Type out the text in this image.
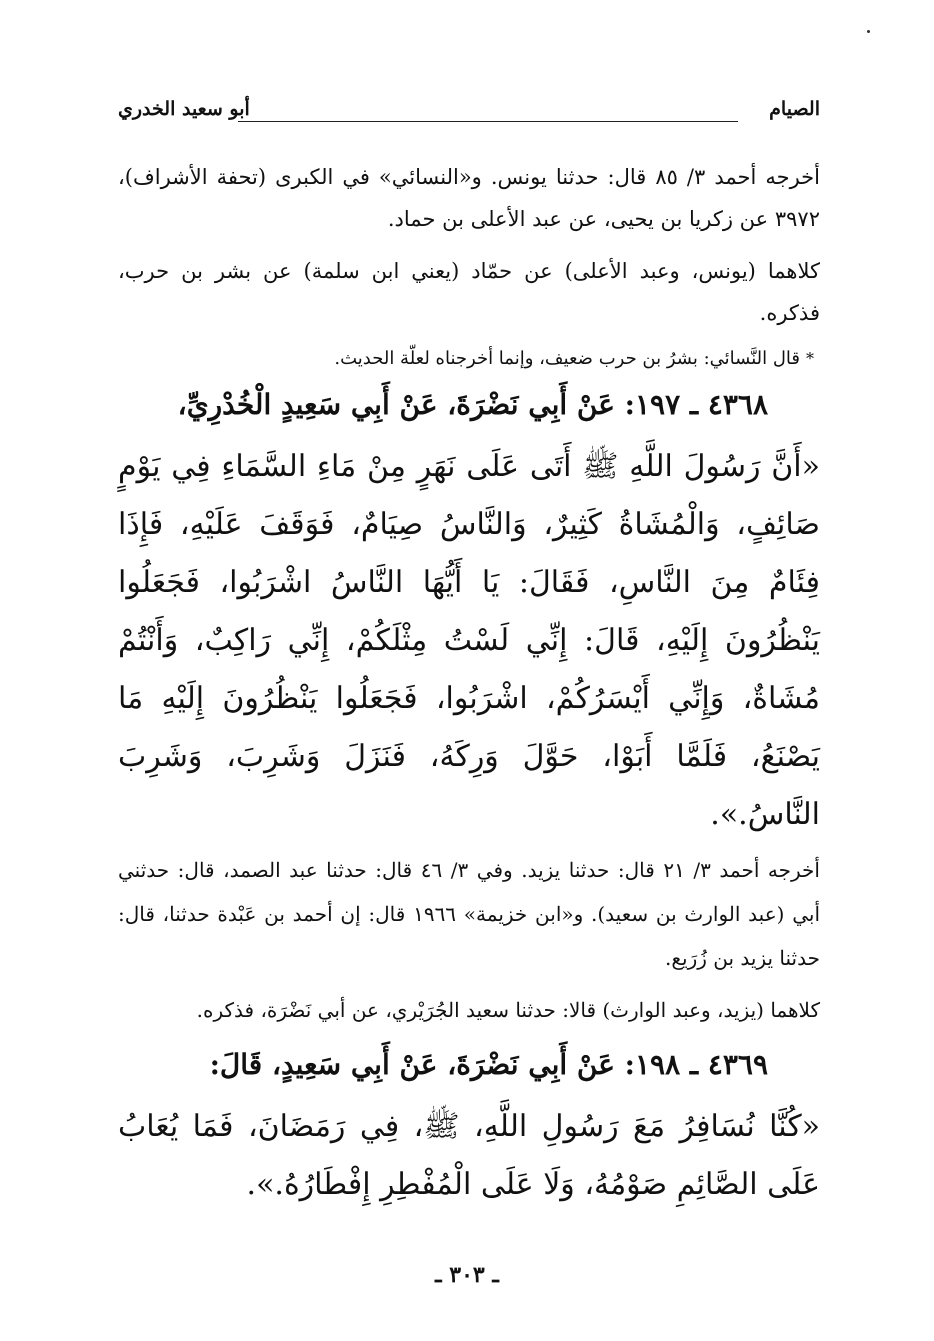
الصيام
أبو سعيد الخدري

أخرجه أحمد ٣/ ٨٥ قال: حدثنا يونس. و«النسائي» في الكبرى (تحفة الأشراف)، ٣٩٧٢ عن زكريا بن يحيى، عن عبد الأعلى بن حماد.

كلاهما (يونس، وعبد الأعلى) عن حمّاد (يعني ابن سلمة) عن بشر بن حرب، فذكره.

*قال النَّسائي: بشرُ بن حرب ضعيف، وإنما أخرجناه لعلّة الحديث.

٤٣٦٨ ـ ١٩٧: عَنْ أَبِي نَضْرَةَ، عَنْ أَبِي سَعِيدٍ الْخُدْرِيِّ،

«أَنَّ رَسُولَ اللَّهِ ﷺ أَتَى عَلَى نَهَرٍ مِنْ مَاءِ السَّمَاءِ فِي يَوْمٍ صَائِفٍ، وَالْمُشَاةُ كَثِيرٌ، وَالنَّاسُ صِيَامٌ، فَوَقَفَ عَلَيْهِ، فَإِذَا فِئَامٌ مِنَ النَّاسِ، فَقَالَ: يَا أَيُّهَا النَّاسُ اشْرَبُوا، فَجَعَلُوا يَنْظُرُونَ إِلَيْهِ، قَالَ: إِنِّي لَسْتُ مِثْلَكُمْ، إِنِّي رَاكِبٌ، وَأَنْتُمْ مُشَاةٌ، وَإِنِّي أَيْسَرُكُمْ، اشْرَبُوا، فَجَعَلُوا يَنْظُرُونَ إِلَيْهِ مَا يَصْنَعُ، فَلَمَّا أَبَوْا، حَوَّلَ وَرِكَهُ، فَنَزَلَ وَشَرِبَ، وَشَرِبَ النَّاسُ.».

أخرجه أحمد ٣/ ٢١ قال: حدثنا يزيد. وفي ٣/ ٤٦ قال: حدثنا عبد الصمد، قال: حدثني أبي (عبد الوارث بن سعيد). و«ابن خزيمة» ١٩٦٦ قال: إن أحمد بن عَبْدة حدثنا، قال: حدثنا يزيد بن زُرَيع.

كلاهما (يزيد، وعبد الوارث) قالا: حدثنا سعيد الجُرَيْري، عن أبي نَضْرَة، فذكره.

٤٣٦٩ ـ ١٩٨: عَنْ أَبِي نَضْرَةَ، عَنْ أَبِي سَعِيدٍ، قَالَ:

«كُنَّا نُسَافِرُ مَعَ رَسُولِ اللَّهِ، ﷺ، فِي رَمَضَانَ، فَمَا يُعَابُ عَلَى الصَّائِمِ صَوْمُهُ، وَلَا عَلَى الْمُفْطِرِ إِفْطَارُهُ.».

ـ ٣٠٣ ـ
